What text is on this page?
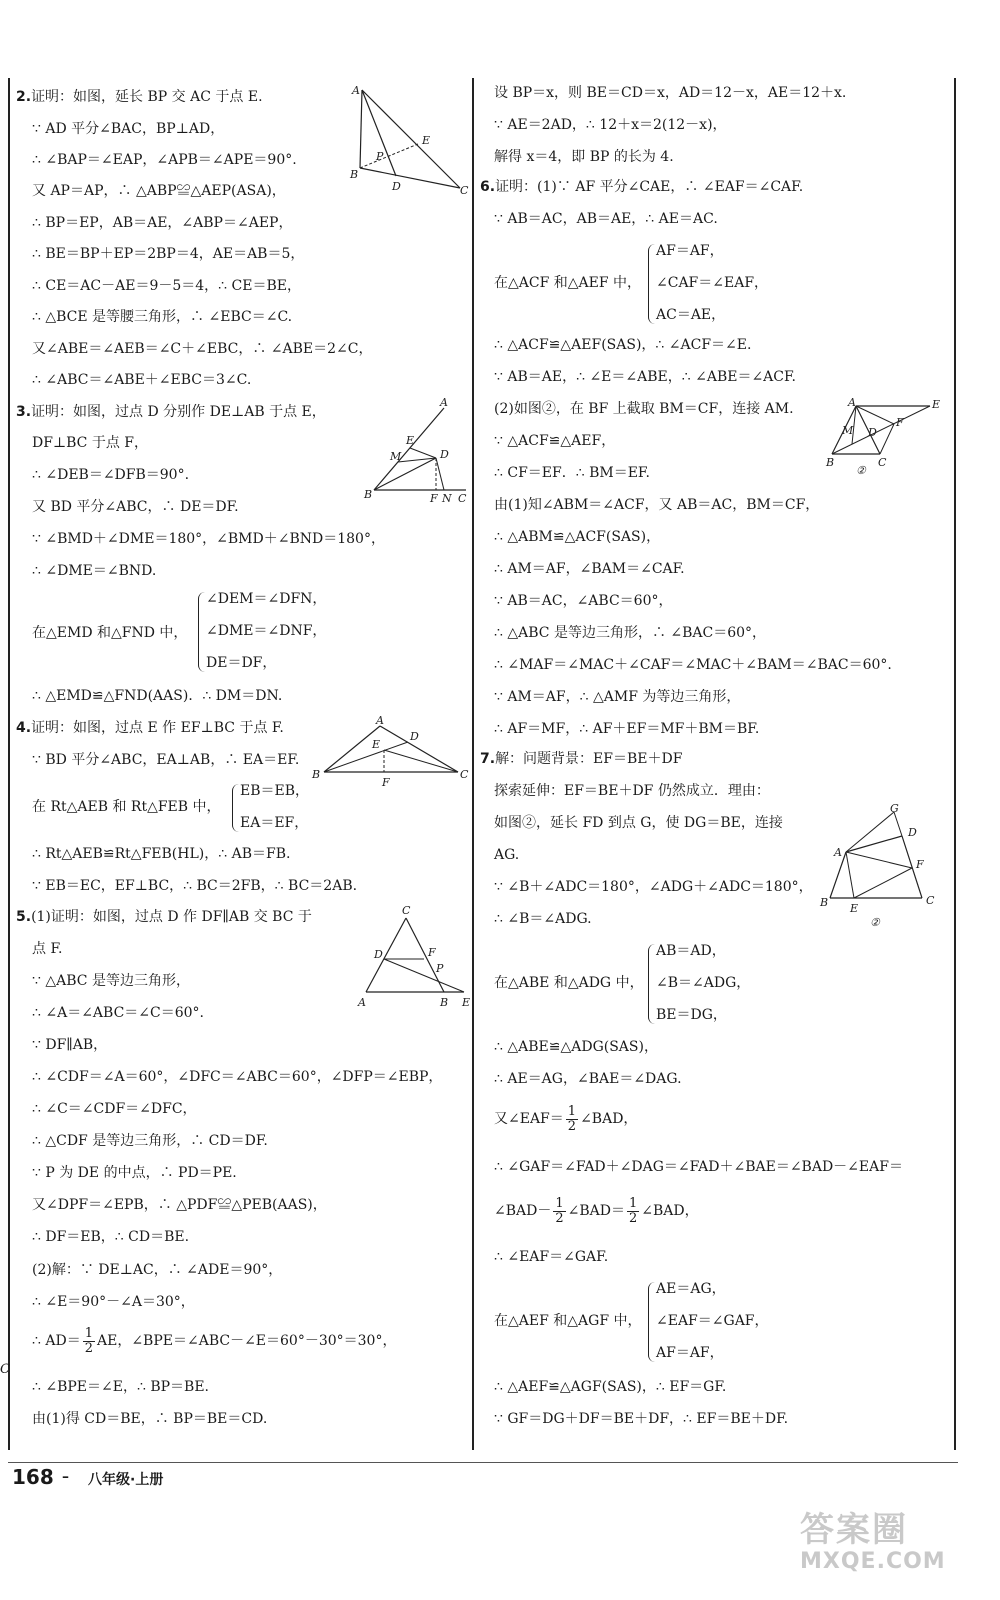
2.证明：如图，延长 BP 交 AC 于点 E.
∵ AD 平分∠BAC，BP⊥AD，
∴ ∠BAP＝∠EAP，∠APB＝∠APE＝90°.
又 AP＝AP，∴ △ABP≌△AEP(ASA)，
∴ BP＝EP，AB＝AE，∠ABP＝∠AEP，
∴ BE＝BP＋EP＝2BP＝4，AE＝AB＝5，
∴ CE＝AC－AE＝9－5＝4，∴ CE＝BE，
∴ △BCE 是等腰三角形，∴ ∠EBC＝∠C.
又∠ABE＝∠AEB＝∠C＋∠EBC，∴ ∠ABE＝2∠C，
∴ ∠ABC＝∠ABE＋∠EBC＝3∠C.
A
E
P
B
D	C
3.证明：如图，过点 D 分别作 DE⊥AB 于点 E，
DF⊥BC 于点 F，
∴ ∠DEB＝∠DFB＝90°.
又 BD 平分∠ABC，∴ DE＝DF.
∵ ∠BMD＋∠DME＝180°，∠BMD＋∠BND＝180°，
∴ ∠DME＝∠BND.
A
E
M	D
B	F N C
在△EMD 和△FND 中，
∠DEM＝∠DFN，
∠DME＝∠DNF，
DE＝DF，
∴ △EMD≌△FND(AAS)．∴ DM＝DN.
4.证明：如图，过点 E 作 EF⊥BC 于点 F.
∵ BD 平分∠ABC，EA⊥AB，∴ EA＝EF.
在 Rt△AEB 和 Rt△FEB 中，
EB＝EB，
EA＝EF，
∴ Rt△AEB≌Rt△FEB(HL)，∴ AB＝FB.
∵ EB＝EC，EF⊥BC，∴ BC＝2FB，∴ BC＝2AB.
A
E
D
B
F
C
5.(1)证明：如图，过点 D 作 DF∥AB 交 BC 于
点 F.
∵ △ABC 是等边三角形，
∴ ∠A＝∠ABC＝∠C＝60°.
∵ DF∥AB，
∴ ∠CDF＝∠A＝60°，∠DFC＝∠ABC＝60°，∠DFP＝∠EBP，
∴ ∠C＝∠CDF＝∠DFC，
∴ △CDF 是等边三角形，∴ CD＝DF.
∵ P 为 DE 的中点，∴ PD＝PE.
又∠DPF＝∠EPB，∴ △PDF≌△PEB(AAS)，
∴ DF＝EB，∴ CD＝BE.
(2)解：∵ DE⊥AC，∴ ∠ADE＝90°，
∴ ∠E＝90°－∠A＝30°，
∴ $AD= \frac{1}{2}$ AE，∠BPE＝∠ABC－∠E＝60°－30°＝30°，
∴ ∠BPE＝∠E，∴ BP＝BE.
由(1)得 CD＝BE，∴ BP＝BE＝CD.
C
D	F
P
A	B E
设 BP＝x，则 BE＝CD＝x，AD＝12－x，AE＝12＋x.
∵ AE＝2AD，∴ 12＋x＝2(12－x)，
解得 x＝4，即 BP 的长为 4.
6.证明：(1)∵ AF 平分∠CAE，∴ ∠EAF＝∠CAF.
∵ AB＝AC，AB＝AE，∴ AE＝AC.
在△ACF 和△AEF 中，
AF＝AF，
∠CAF＝∠EAF，
AC＝AE，
∴ △ACF≌△AEF(SAS)，∴ ∠ACF＝∠E.
∵ AB＝AE，∴ ∠E＝∠ABE，∴ ∠ABE＝∠ACF.
(2)如图②，在 BF 上截取 BM＝CF，连接 AM.
∵ △ACF≌△AEF，
∴ CF＝EF．∴ BM＝EF.
由(1)知∠ABM＝∠ACF，又 AB＝AC，BM＝CF，
∴ △ABM≌△ACF(SAS)，
∴ AM＝AF，∠BAM＝∠CAF.
∵ AB＝AC，∠ABC＝60°，
∴ △ABC 是等边三角形，∴ ∠BAC＝60°，
∴ ∠MAF＝∠MAC＋∠CAF＝∠MAC＋∠BAM＝∠BAC＝60°.
∵ AM＝AF，∴ △AMF 为等边三角形，
∴ AF＝MF，∴ AF＋EF＝MF＋BM＝BF.
A	E
M
F
D
B	C
②
7.解：问题背景：EF＝BE＋DF
探索延伸：EF＝BE＋DF 仍然成立．理由：
如图②，延长 FD 到点 G，使 DG＝BE，连接
AG.
∵ ∠B＋∠ADC＝180°，∠ADG＋∠ADC＝180°，
∴ ∠B＝∠ADG.
G
D
A
F
B E
C
②
在△ABE 和△ADG 中，
AB＝AD，
∠B＝∠ADG，
BE＝DG，
∴ △ABE≌△ADG(SAS)，
∴ AE＝AG，∠BAE＝∠DAG.
又∠EAF＝ $\frac{1}{2}$ ∠BAD，
∴ ∠GAF＝∠FAD＋∠DAG＝∠FAD＋∠BAE＝∠BAD－∠EAF＝
∠BAD－ $\frac{1}{2}$ ∠BAD＝ $\frac{1}{2}$ ∠BAD，
∴ ∠EAF＝∠GAF.
在△AEF 和△AGF 中，
AE＝AG，
∠EAF＝∠GAF，
AF＝AF，
∴ △AEF≌△AGF(SAS)，∴ EF＝GF.
∵ GF＝DG＋DF＝BE＋DF，∴ EF＝BE＋DF.
C
168 – 八年级·上册
答案圈
MXQE.COM
